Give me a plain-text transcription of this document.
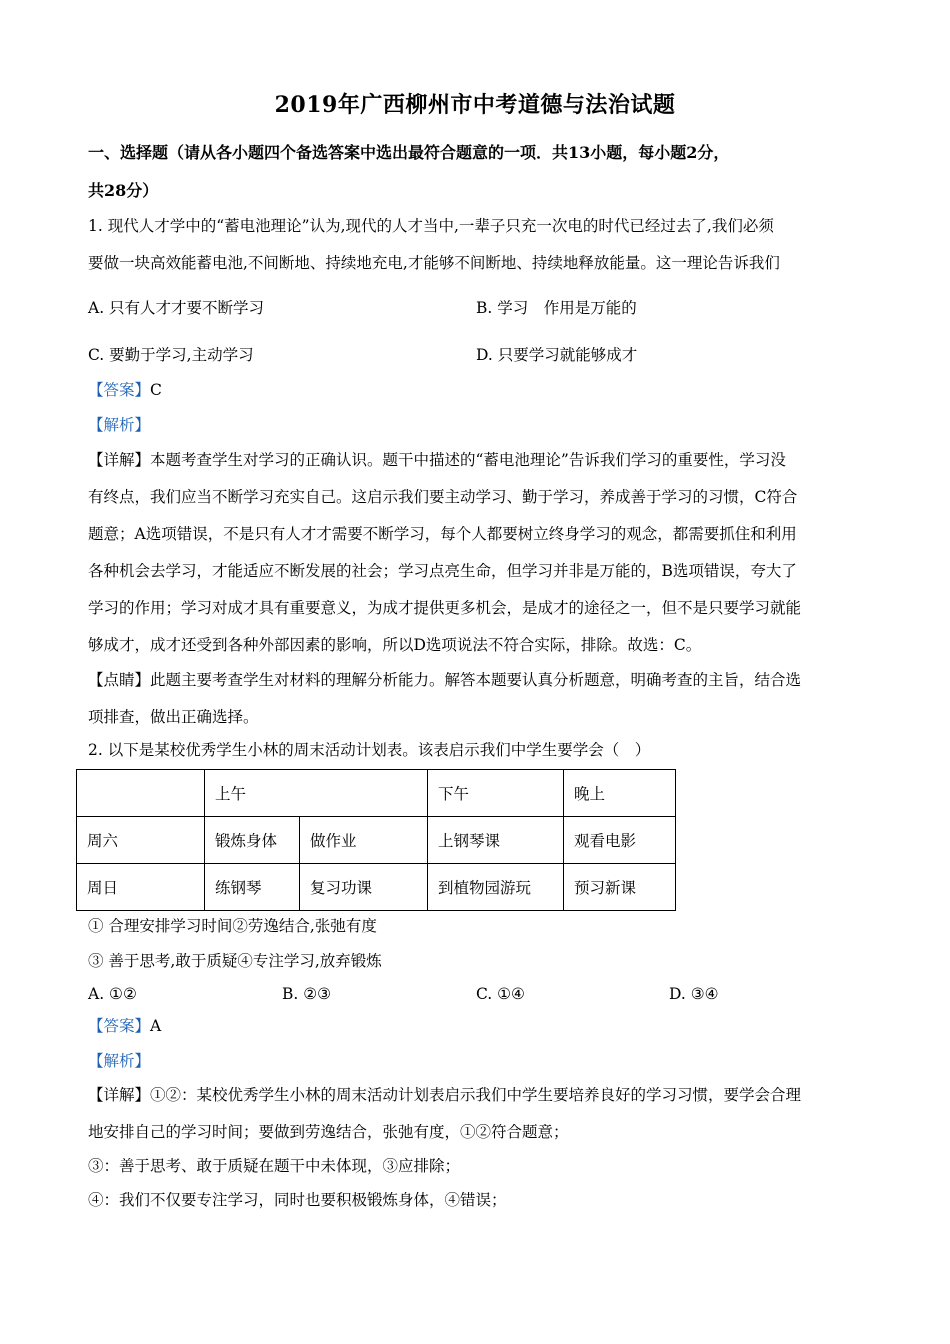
2019年广西柳州市中考道德与法治试题
一、选择题（请从各小题四个备选答案中选出最符合题意的一项．共13小题，每小题2分，
共28分）
1. 现代人才学中的“蓄电池理论”认为,现代的人才当中,一辈子只充一次电的时代已经过去了,我们必须
要做一块高效能蓄电池,不间断地、持续地充电,才能够不间断地、持续地释放能量。这一理论告诉我们
A. 只有人才才要不断学习	B. 学习　作用是万能的
C. 要勤于学习,主动学习	D. 只要学习就能够成才
【答案】C
【解析】
【详解】本题考查学生对学习的正确认识。题干中描述的“蓄电池理论”告诉我们学习的重要性，学习没
有终点，我们应当不断学习充实自己。这启示我们要主动学习、勤于学习，养成善于学习的习惯，C符合
题意；A选项错误，不是只有人才才需要不断学习，每个人都要树立终身学习的观念，都需要抓住和利用
各种机会去学习，才能适应不断发展的社会；学习点亮生命，但学习并非是万能的，B选项错误，夸大了
学习的作用；学习对成才具有重要意义，为成才提供更多机会，是成才的途径之一，但不是只要学习就能
够成才，成才还受到各种外部因素的影响，所以D选项说法不符合实际，排除。故选：C。
【点睛】此题主要考查学生对材料的理解分析能力。解答本题要认真分析题意，明确考查的主旨，结合选
项排查，做出正确选择。
2. 以下是某校优秀学生小林的周末活动计划表。该表启示我们中学生要学会（　）
	上午		下午	晚上
周六	锻炼身体	做作业	上钢琴课	观看电影
周日	练钢琴	复习功课	到植物园游玩	预习新课
① 合理安排学习时间②劳逸结合,张弛有度
③ 善于思考,敢于质疑④专注学习,放弃锻炼
A. ①②	B. ②③	C. ①④	D. ③④
【答案】A
【解析】
【详解】①②：某校优秀学生小林的周末活动计划表启示我们中学生要培养良好的学习习惯，要学会合理
地安排自己的学习时间；要做到劳逸结合，张弛有度，①②符合题意；
③：善于思考、敢于质疑在题干中未体现，③应排除；
④：我们不仅要专注学习，同时也要积极锻炼身体，④错误；
